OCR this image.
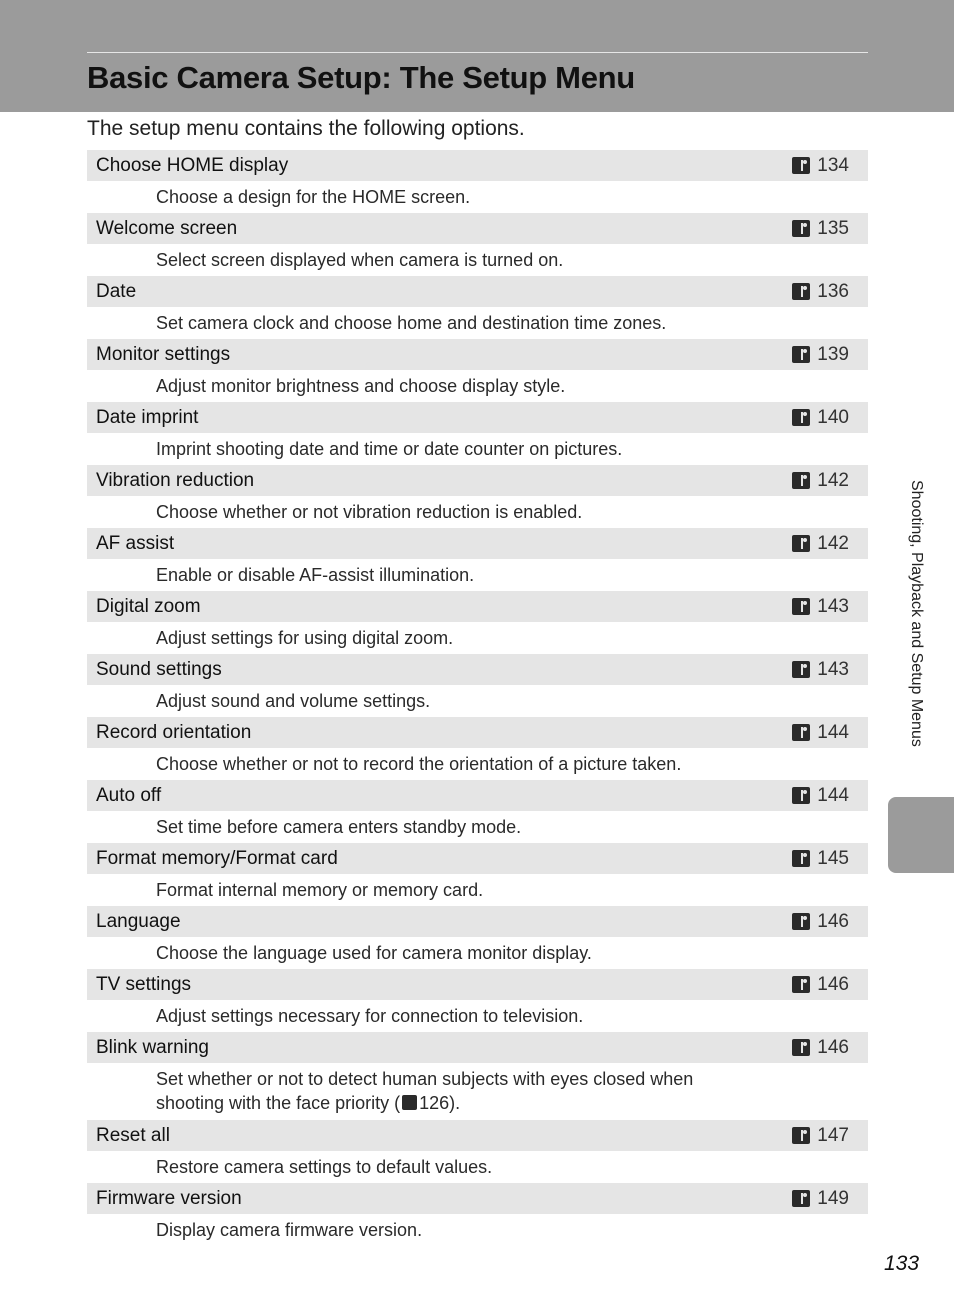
Basic Camera Setup: The Setup Menu
The setup menu contains the following options.
Choose HOME display	134
Choose a design for the HOME screen.
Welcome screen	135
Select screen displayed when camera is turned on.
Date	136
Set camera clock and choose home and destination time zones.
Monitor settings	139
Adjust monitor brightness and choose display style.
Date imprint	140
Imprint shooting date and time or date counter on pictures.
Vibration reduction	142
Choose whether or not vibration reduction is enabled.
AF assist	142
Enable or disable AF-assist illumination.
Digital zoom	143
Adjust settings for using digital zoom.
Sound settings	143
Adjust sound and volume settings.
Record orientation	144
Choose whether or not to record the orientation of a picture taken.
Auto off	144
Set time before camera enters standby mode.
Format memory/Format card	145
Format internal memory or memory card.
Language	146
Choose the language used for camera monitor display.
TV settings	146
Adjust settings necessary for connection to television.
Blink warning	146
Set whether or not to detect human subjects with eyes closed when
shooting with the face priority ( 126).
Reset all	147
Restore camera settings to default values.
Firmware version	149
Display camera firmware version.
Shooting, Playback and Setup Menus
133
